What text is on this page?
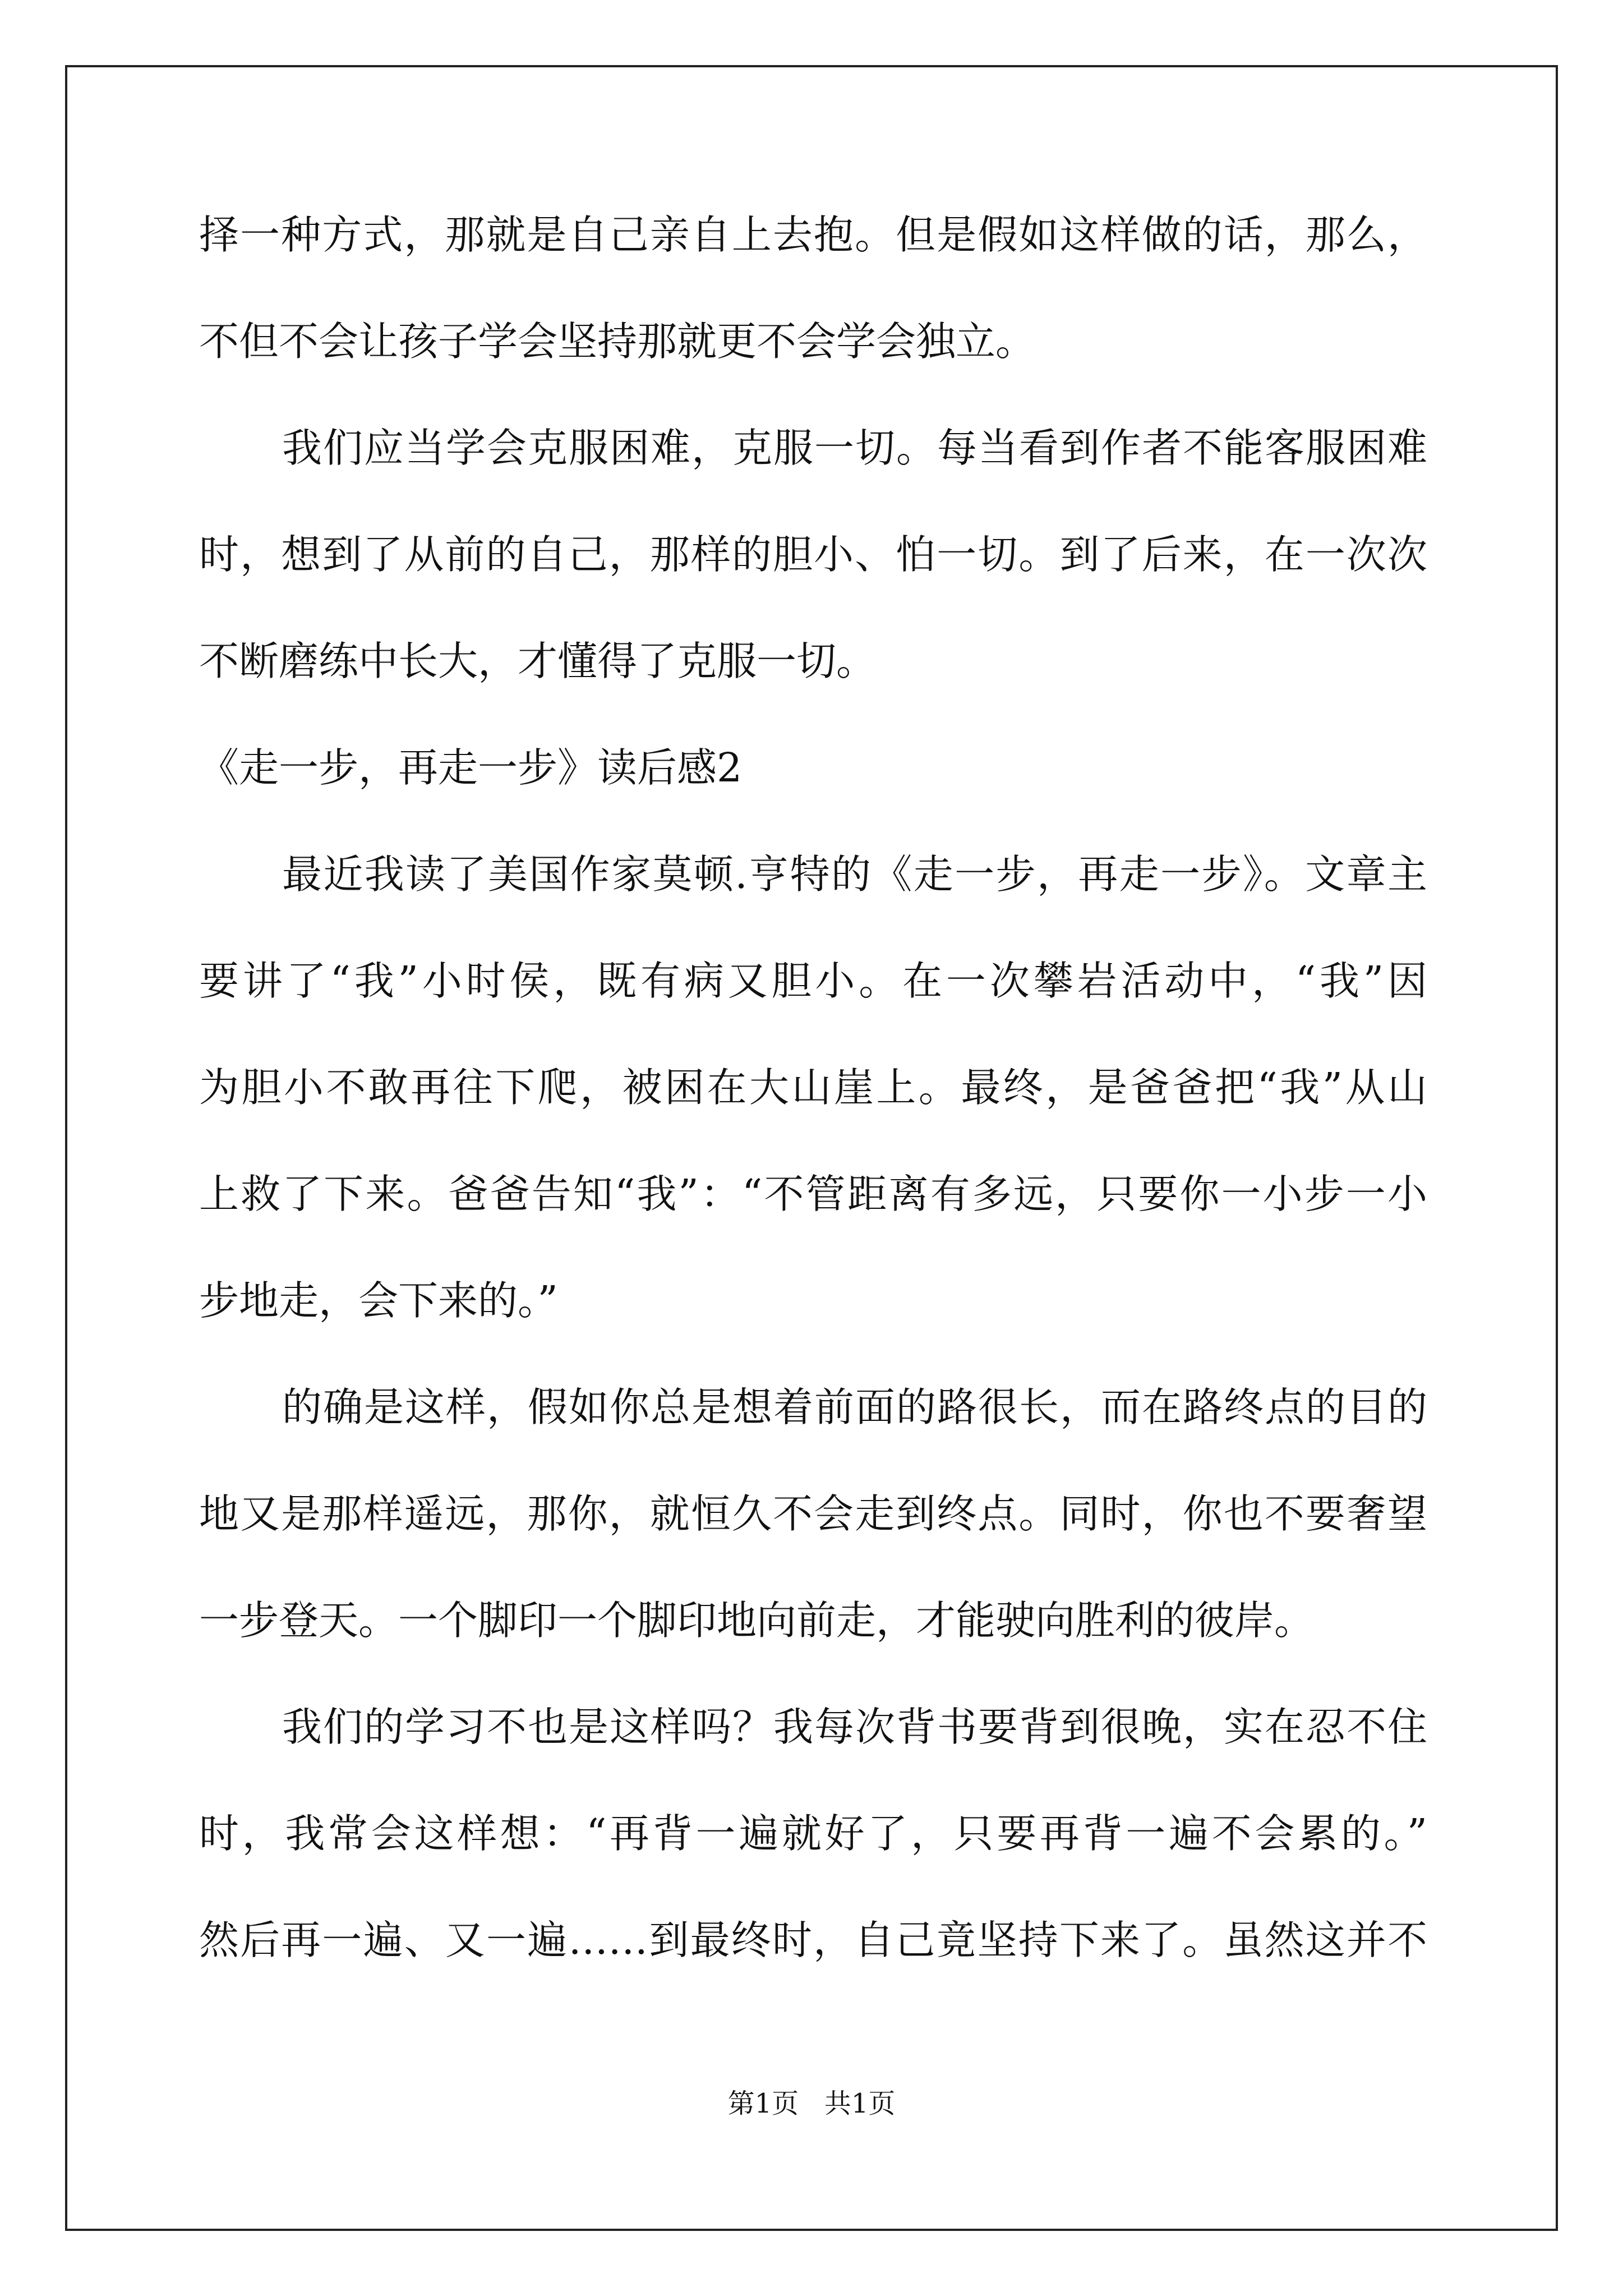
择一种方式，那就是自己亲自上去抱。但是假如这样做的话，那么，
不但不会让孩子学会坚持那就更不会学会独立。
我们应当学会克服困难，克服一切。每当看到作者不能客服困难
时，想到了从前的自己，那样的胆小、怕一切。到了后来，在一次次
不断磨练中长大，才懂得了克服一切。
《走一步，再走一步》读后感2
最近我读了美国作家莫顿.亨特的《走一步，再走一步》。文章主
要讲了“我”小时侯，既有病又胆小。在一次攀岩活动中，“我”因
为胆小不敢再往下爬，被困在大山崖上。最终，是爸爸把“我”从山
上救了下来。爸爸告知“我”：“不管距离有多远，只要你一小步一小
步地走，会下来的。”
的确是这样，假如你总是想着前面的路很长，而在路终点的目的
地又是那样遥远，那你，就恒久不会走到终点。同时，你也不要奢望
一步登天。一个脚印一个脚印地向前走，才能驶向胜利的彼岸。
我们的学习不也是这样吗？我每次背书要背到很晚，实在忍不住
时，我常会这样想：“再背一遍就好了，只要再背一遍不会累的。”
然后再一遍、又一遍……到最终时，自己竟坚持下来了。虽然这并不
第1页   共1页
